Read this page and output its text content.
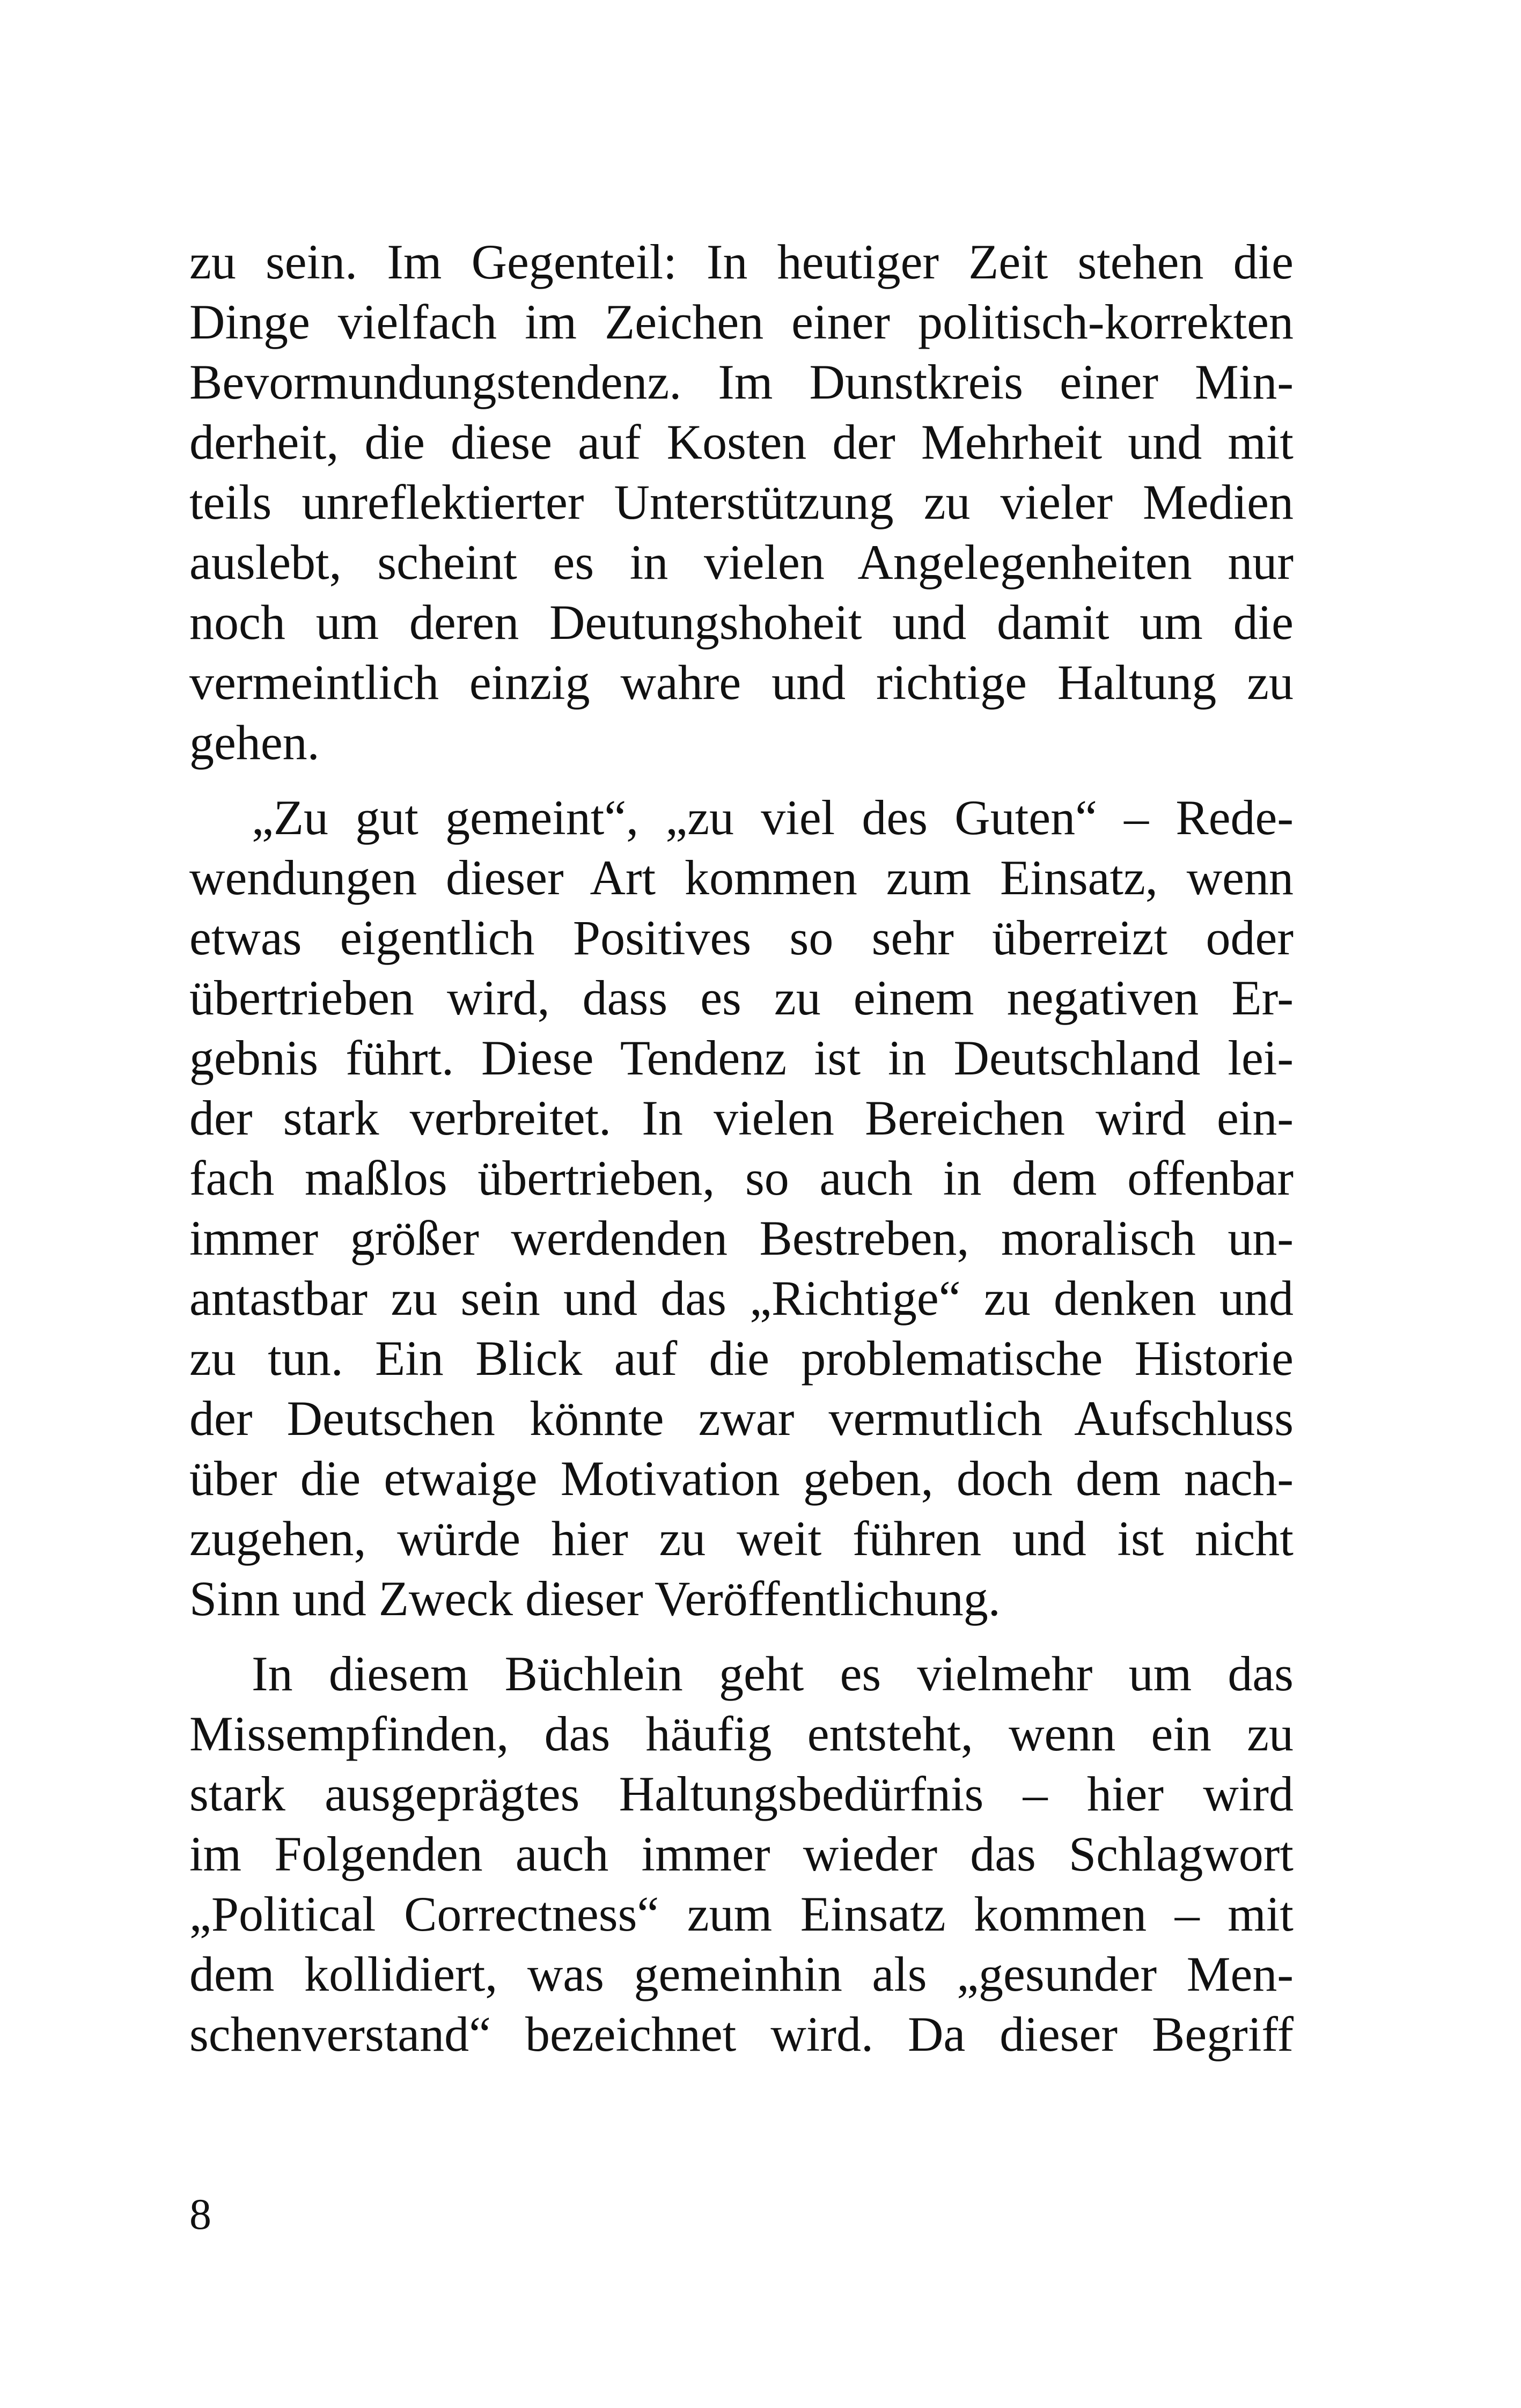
zu sein. Im Gegenteil: In heutiger Zeit stehen die
Dinge vielfach im Zeichen einer politisch-korrekten
Bevormundungstendenz. Im Dunstkreis einer Min-
derheit, die diese auf Kosten der Mehrheit und mit
teils unreflektierter Unterstützung zu vieler Medien
auslebt, scheint es in vielen Angelegenheiten nur
noch um deren Deutungshoheit und damit um die
vermeintlich einzig wahre und richtige Haltung zu
gehen.

„Zu gut gemeint“, „zu viel des Guten“ – Rede-
wendungen dieser Art kommen zum Einsatz, wenn
etwas eigentlich Positives so sehr überreizt oder
übertrieben wird, dass es zu einem negativen Er-
gebnis führt. Diese Tendenz ist in Deutschland lei-
der stark verbreitet. In vielen Bereichen wird ein-
fach maßlos übertrieben, so auch in dem offenbar
immer größer werdenden Bestreben, moralisch un-
antastbar zu sein und das „Richtige“ zu denken und
zu tun. Ein Blick auf die problematische Historie
der Deutschen könnte zwar vermutlich Aufschluss
über die etwaige Motivation geben, doch dem nach-
zugehen, würde hier zu weit führen und ist nicht
Sinn und Zweck dieser Veröffentlichung.

In diesem Büchlein geht es vielmehr um das
Missempfinden, das häufig entsteht, wenn ein zu
stark ausgeprägtes Haltungsbedürfnis – hier wird
im Folgenden auch immer wieder das Schlagwort
„Political Correctness“ zum Einsatz kommen – mit
dem kollidiert, was gemeinhin als „gesunder Men-
schenverstand“ bezeichnet wird. Da dieser Begriff

8
